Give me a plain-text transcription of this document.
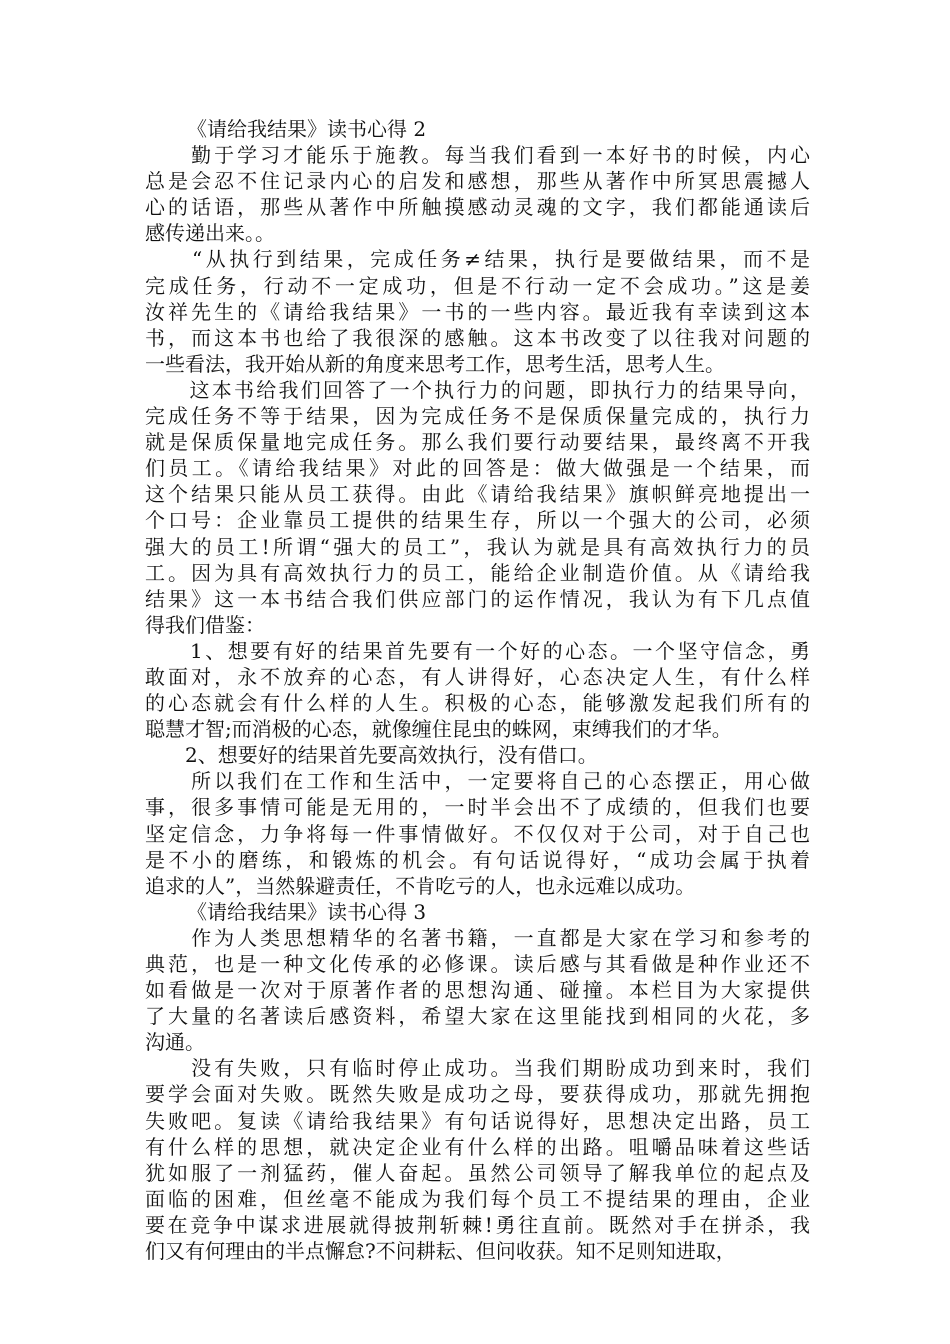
《请给我结果》读书心得 2
　　勤于学习才能乐于施教。每当我们看到一本好书的时候，内心
总是会忍不住记录内心的启发和感想，那些从著作中所冥思震撼人
心的话语，那些从著作中所触摸感动灵魂的文字，我们都能通读后
感传递出来。。
　　“从执行到结果，完成任务≠结果，执行是要做结果，而不是
完成任务，行动不一定成功，但是不行动一定不会成功。”这是姜
汝祥先生的《请给我结果》一书的一些内容。最近我有幸读到这本
书，而这本书也给了我很深的感触。这本书改变了以往我对问题的
一些看法，我开始从新的角度来思考工作，思考生活，思考人生。
　　这本书给我们回答了一个执行力的问题，即执行力的结果导向，
完成任务不等于结果，因为完成任务不是保质保量完成的，执行力
就是保质保量地完成任务。那么我们要行动要结果，最终离不开我
们员工。《请给我结果》对此的回答是：做大做强是一个结果，而
这个结果只能从员工获得。由此《请给我结果》旗帜鲜亮地提出一
个口号：企业靠员工提供的结果生存，所以一个强大的公司，必须
强大的员工!所谓“强大的员工”，我认为就是具有高效执行力的员
工。因为具有高效执行力的员工，能给企业制造价值。从《请给我
结果》这一本书结合我们供应部门的运作情况，我认为有下几点值
得我们借鉴：
　　1、想要有好的结果首先要有一个好的心态。一个坚守信念，勇
敢面对，永不放弃的心态，有人讲得好，心态决定人生，有什么样
的心态就会有什么样的人生。积极的心态，能够激发起我们所有的
聪慧才智;而消极的心态，就像缠住昆虫的蛛网，束缚我们的才华。
　　2、想要好的结果首先要高效执行，没有借口。
　　所以我们在工作和生活中，一定要将自己的心态摆正，用心做
事，很多事情可能是无用的，一时半会出不了成绩的，但我们也要
坚定信念，力争将每一件事情做好。不仅仅对于公司，对于自己也
是不小的磨练，和锻炼的机会。有句话说得好，“成功会属于执着
追求的人”，当然躲避责任，不肯吃亏的人，也永远难以成功。
《请给我结果》读书心得 3
　　作为人类思想精华的名著书籍，一直都是大家在学习和参考的
典范，也是一种文化传承的必修课。读后感与其看做是种作业还不
如看做是一次对于原著作者的思想沟通、碰撞。本栏目为大家提供
了大量的名著读后感资料，希望大家在这里能找到相同的火花，多
沟通。
　　没有失败，只有临时停止成功。当我们期盼成功到来时，我们
要学会面对失败。既然失败是成功之母，要获得成功，那就先拥抱
失败吧。复读《请给我结果》有句话说得好，思想决定出路，员工
有什么样的思想，就决定企业有什么样的出路。咀嚼品味着这些话
犹如服了一剂猛药，催人奋起。虽然公司领导了解我单位的起点及
面临的困难，但丝毫不能成为我们每个员工不提结果的理由，企业
要在竞争中谋求进展就得披荆斩棘!勇往直前。既然对手在拼杀，我
们又有何理由的半点懈怠?不问耕耘、但问收获。知不足则知进取，
